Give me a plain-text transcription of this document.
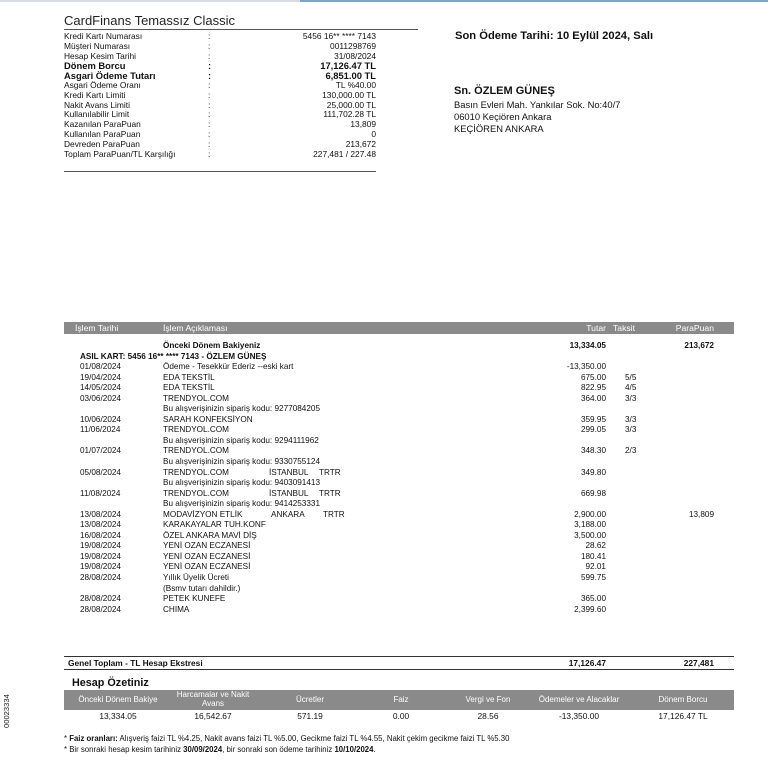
CardFinans Temassız Classic
Kredi Kartı Numarası	:	5456 16** **** 7143
Müşteri Numarası	:	0011298769
Hesap Kesim Tarihi	:	31/08/2024
Dönem Borcu	:	17,126.47 TL
Asgari Ödeme Tutarı	:	6,851.00 TL
Asgari Ödeme Oranı	:	TL %40.00
Kredi Kartı Limiti	:	130,000.00 TL
Nakit Avans Limiti	:	25,000.00 TL
Kullanılabilir Limit	:	111,702.28 TL
Kazanılan ParaPuan	:	13,809
Kullanılan ParaPuan	:	0
Devreden ParaPuan	:	213,672
Toplam ParaPuan/TL Karşılığı	:	227,481 / 227.48
Son Ödeme Tarihi: 10 Eylül 2024, Salı
Sn. ÖZLEM GÜNEŞ
Basın Evleri Mah. Yankılar Sok. No:40/7
06010 Keçiören Ankara
KEÇİÖREN ANKARA
İşlem Tarihi	İşlem Açıklaması	Tutar Taksit	ParaPuan
Önceki Dönem Bakiyeniz	13,334.05	213,672
ASIL KART: 5456 16** **** 7143 - ÖZLEM GÜNEŞ
01/08/2024	Ödeme - Tesekkür Ederiz --eski kart	-13,350.00
19/04/2024	EDA TEKSTİL	675.00 5/5
14/05/2024	EDA TEKSTİL	822.95 4/5
03/06/2024	TRENDYOL.COM	364.00 3/3
Bu alışverişinizin sipariş kodu: 9277084205
10/06/2024	SARAH KONFEKSİYON	359.95 3/3
11/06/2024	TRENDYOL.COM	299.05 3/3
Bu alışverişinizin sipariş kodu: 9294111962
01/07/2024	TRENDYOL.COM	348.30 2/3
Bu alışverişinizin sipariş kodu: 9330755124
05/08/2024	TRENDYOL.COM	İSTANBUL TRTR	349.80
Bu alışverişinizin sipariş kodu: 9403091413
11/08/2024	TRENDYOL.COM	İSTANBUL TRTR	669.98
Bu alışverişinizin sipariş kodu: 9414253331
13/08/2024	MODAVİZYON ETLİK	ANKARA TRTR	2,900.00	13,809
13/08/2024	KARAKAYALAR TUH.KONF	3,188.00
16/08/2024	ÖZEL ANKARA MAVİ DİŞ	3,500.00
19/08/2024	YENİ OZAN ECZANESİ	28.62
19/08/2024	YENİ OZAN ECZANESİ	180.41
19/08/2024	YENİ OZAN ECZANESİ	92.01
28/08/2024	Yıllık Üyelik Ücreti	599.75
(Bsmv tutarı dahildir.)
28/08/2024	PETEK KUNEFE	365.00
28/08/2024	CHIMA	2,399.60
Genel Toplam - TL Hesap Ekstresi	17,126.47	227,481
Hesap Özetiniz
Önceki Dönem Bakiye	Harcamalar ve Nakit Avans	Ücretler	Faiz	Vergi ve Fon	Ödemeler ve Alacaklar	Dönem Borcu
13,334.05	16,542.67	571.19	0.00	28.56	-13,350.00	17,126.47 TL
* Faiz oranları: Alışveriş faizi TL %4.25, Nakit avans faizi TL %5.00, Gecikme faizi TL %4.55, Nakit çekim gecikme faizi TL %5.30
* Bir sonraki hesap kesim tarihiniz 30/09/2024, bir sonraki son ödeme tarihiniz 10/10/2024.
00023334
